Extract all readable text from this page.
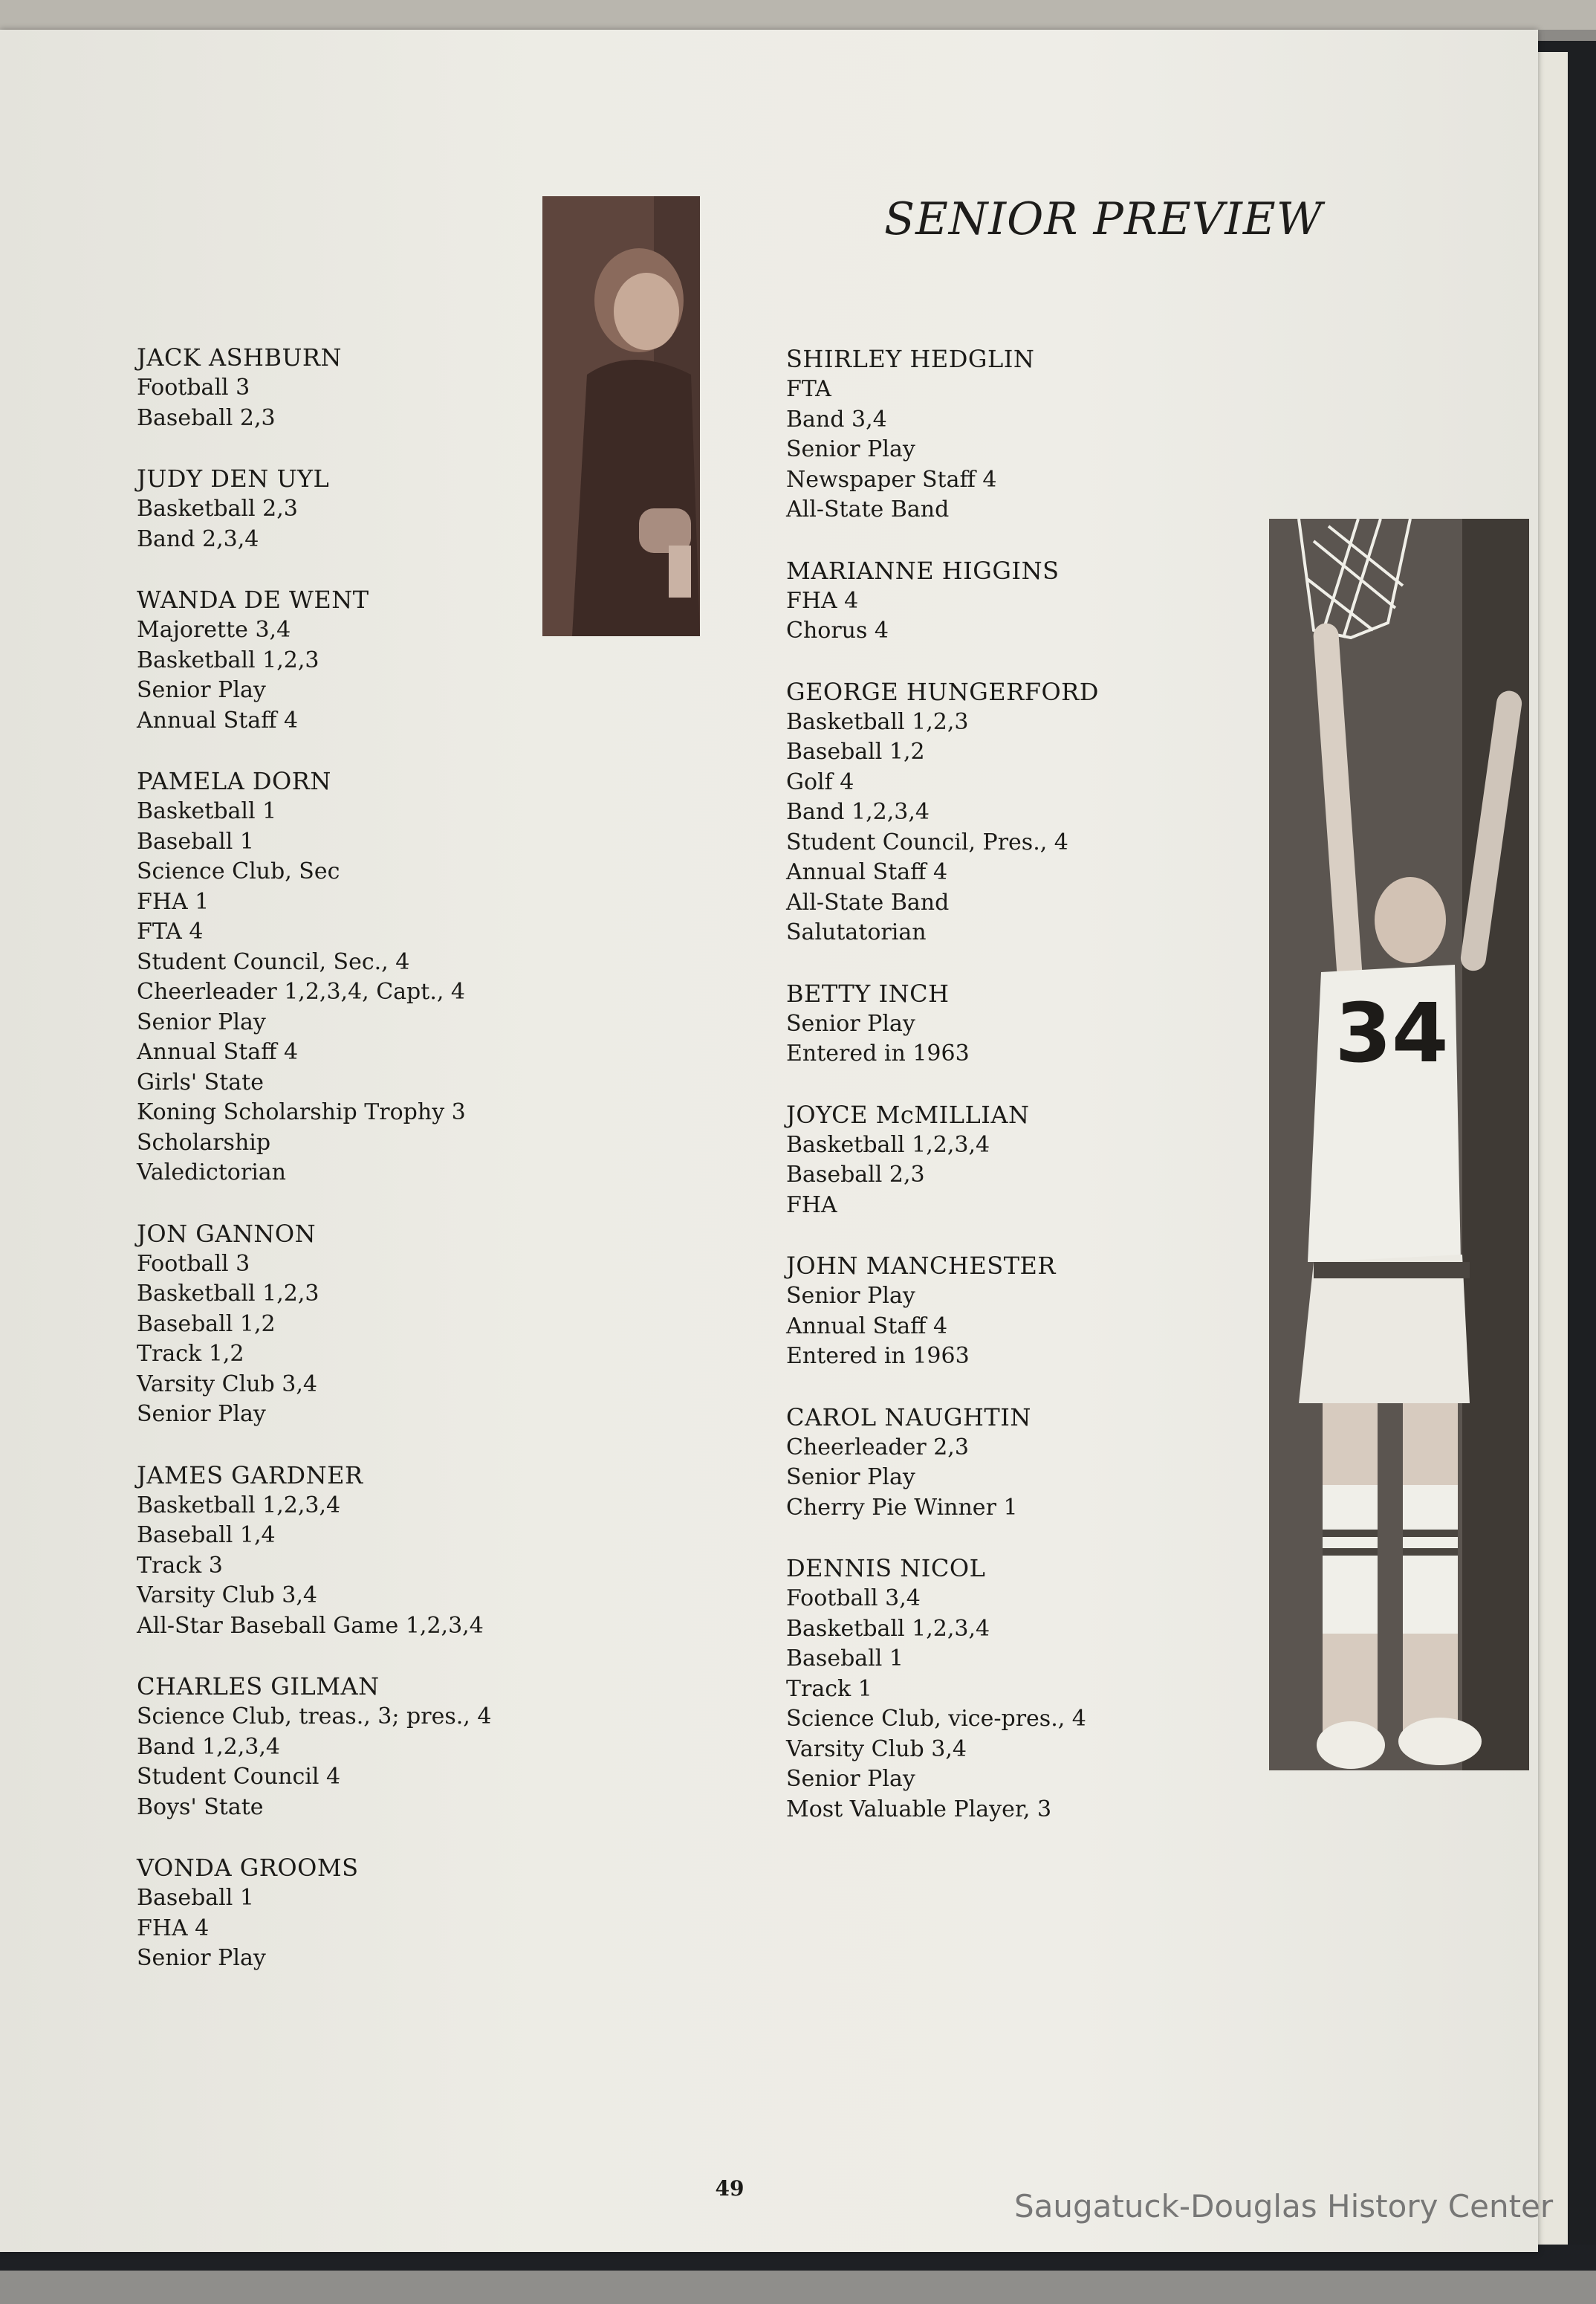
SENIOR PREVIEW
34
JACK ASHBURN
Football 3
Baseball 2,3
JUDY DEN UYL
Basketball 2,3
Band 2,3,4
WANDA DE WENT
Majorette 3,4
Basketball 1,2,3
Senior Play
Annual Staff 4
PAMELA DORN
Basketball 1
Baseball 1
Science Club, Sec
FHA 1
FTA 4
Student Council, Sec., 4
Cheerleader 1,2,3,4, Capt., 4
Senior Play
Annual Staff 4
Girls' State
Koning Scholarship Trophy 3
Scholarship
Valedictorian
JON GANNON
Football 3
Basketball 1,2,3
Baseball 1,2
Track 1,2
Varsity Club 3,4
Senior Play
JAMES GARDNER
Basketball 1,2,3,4
Baseball 1,4
Track 3
Varsity Club 3,4
All-Star Baseball Game 1,2,3,4
CHARLES GILMAN
Science Club, treas., 3; pres., 4
Band 1,2,3,4
Student Council 4
Boys' State
VONDA GROOMS
Baseball 1
FHA 4
Senior Play
SHIRLEY HEDGLIN
FTA
Band 3,4
Senior Play
Newspaper Staff 4
All-State Band
MARIANNE HIGGINS
FHA 4
Chorus 4
GEORGE HUNGERFORD
Basketball 1,2,3
Baseball 1,2
Golf 4
Band 1,2,3,4
Student Council, Pres., 4
Annual Staff 4
All-State Band
Salutatorian
BETTY INCH
Senior Play
Entered in 1963
JOYCE McMILLIAN
Basketball 1,2,3,4
Baseball 2,3
FHA
JOHN MANCHESTER
Senior Play
Annual Staff 4
Entered in 1963
CAROL NAUGHTIN
Cheerleader 2,3
Senior Play
Cherry Pie Winner 1
DENNIS NICOL
Football 3,4
Basketball 1,2,3,4
Baseball 1
Track 1
Science Club, vice-pres., 4
Varsity Club 3,4
Senior Play
Most Valuable Player, 3
49	Saugatuck-Douglas History Center
